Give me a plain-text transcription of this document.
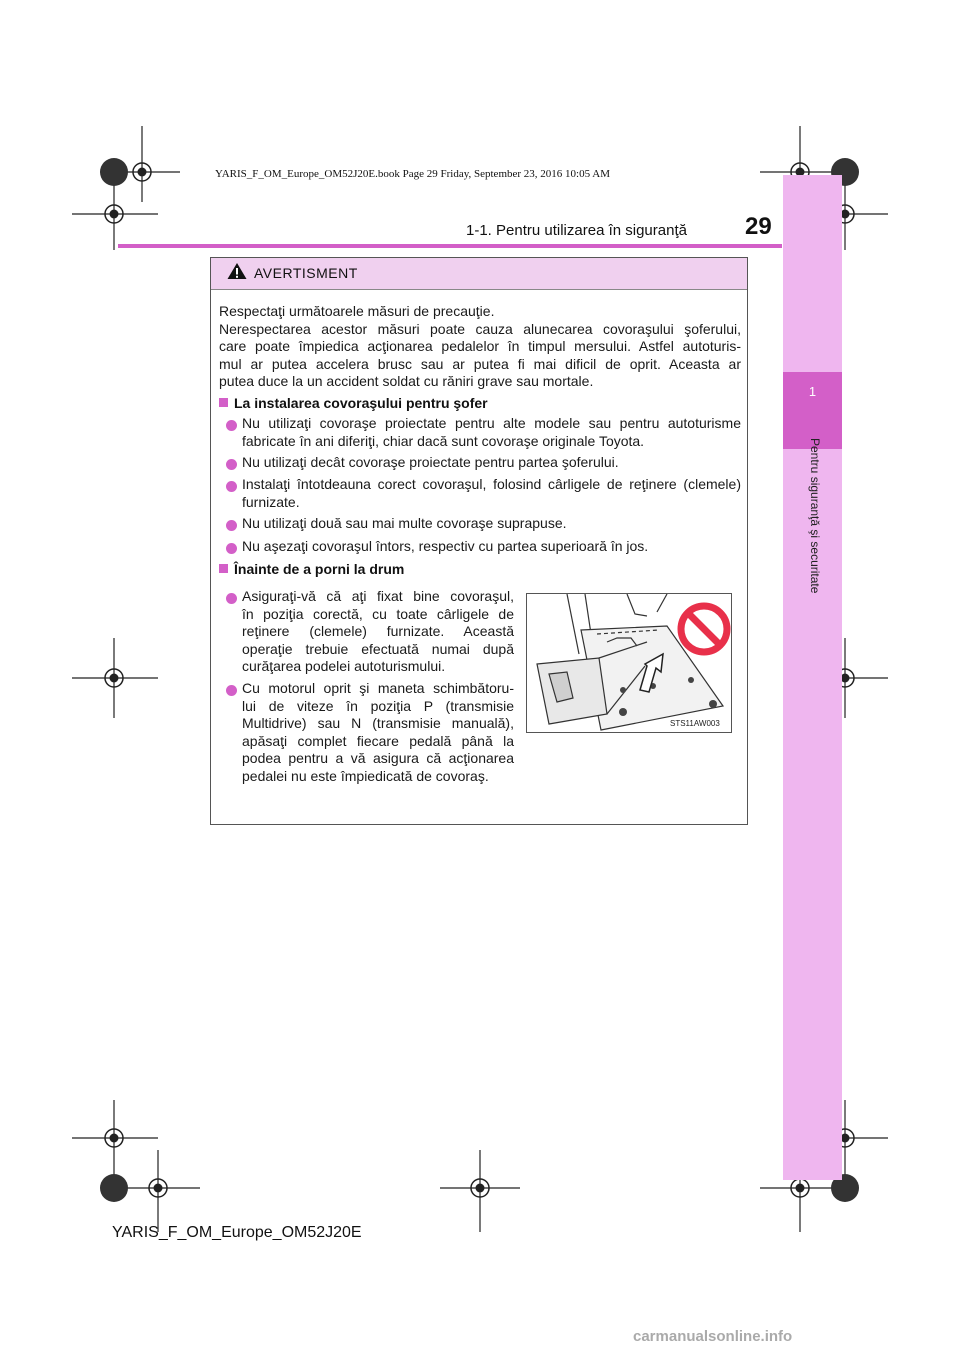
YARIS_F_OM_Europe_OM52J20E.book Page 29 Friday, September 23, 2016 10:05 AM
1
Pentru siguranţă şi securitate
1-1. Pentru utilizarea în siguranţă 29
AVERTISMENT
Respectaţi următoarele măsuri de precauţie.
Nerespectarea acestor măsuri poate cauza alunecarea covoraşului şoferului,
care poate împiedica acţionarea pedalelor în timpul mersului. Astfel autoturis-
mul ar putea accelera brusc sau ar putea fi mai dificil de oprit. Aceasta ar
putea duce la un accident soldat cu răniri grave sau mortale.
La instalarea covoraşului pentru şofer
Nu utilizaţi covoraşe proiectate pentru alte modele sau pentru autoturisme
fabricate în ani diferiţi, chiar dacă sunt covoraşe originale Toyota.
Nu utilizaţi decât covoraşe proiectate pentru partea şoferului.
Instalaţi întotdeauna corect covoraşul, folosind cârligele de reţinere (clemele)
furnizate.
Nu utilizaţi două sau mai multe covoraşe suprapuse.
Nu aşezaţi covoraşul întors, respectiv cu partea superioară în jos.
Înainte de a porni la drum
Asiguraţi-vă că aţi fixat bine covoraşul,
în poziţia corectă, cu toate cârligele de
reţinere (clemele) furnizate. Această
operaţie trebuie efectuată numai după
curăţarea podelei autoturismului.
Cu motorul oprit şi maneta schimbătoru-
lui de viteze în poziţia P (transmisie
Multidrive) sau N (transmisie manuală),
apăsaţi complet fiecare pedală până la
podea pentru a vă asigura că acţionarea
pedalei nu este împiedicată de covoraş.
STS11AW003
YARIS_F_OM_Europe_OM52J20E
carmanualsonline.info
